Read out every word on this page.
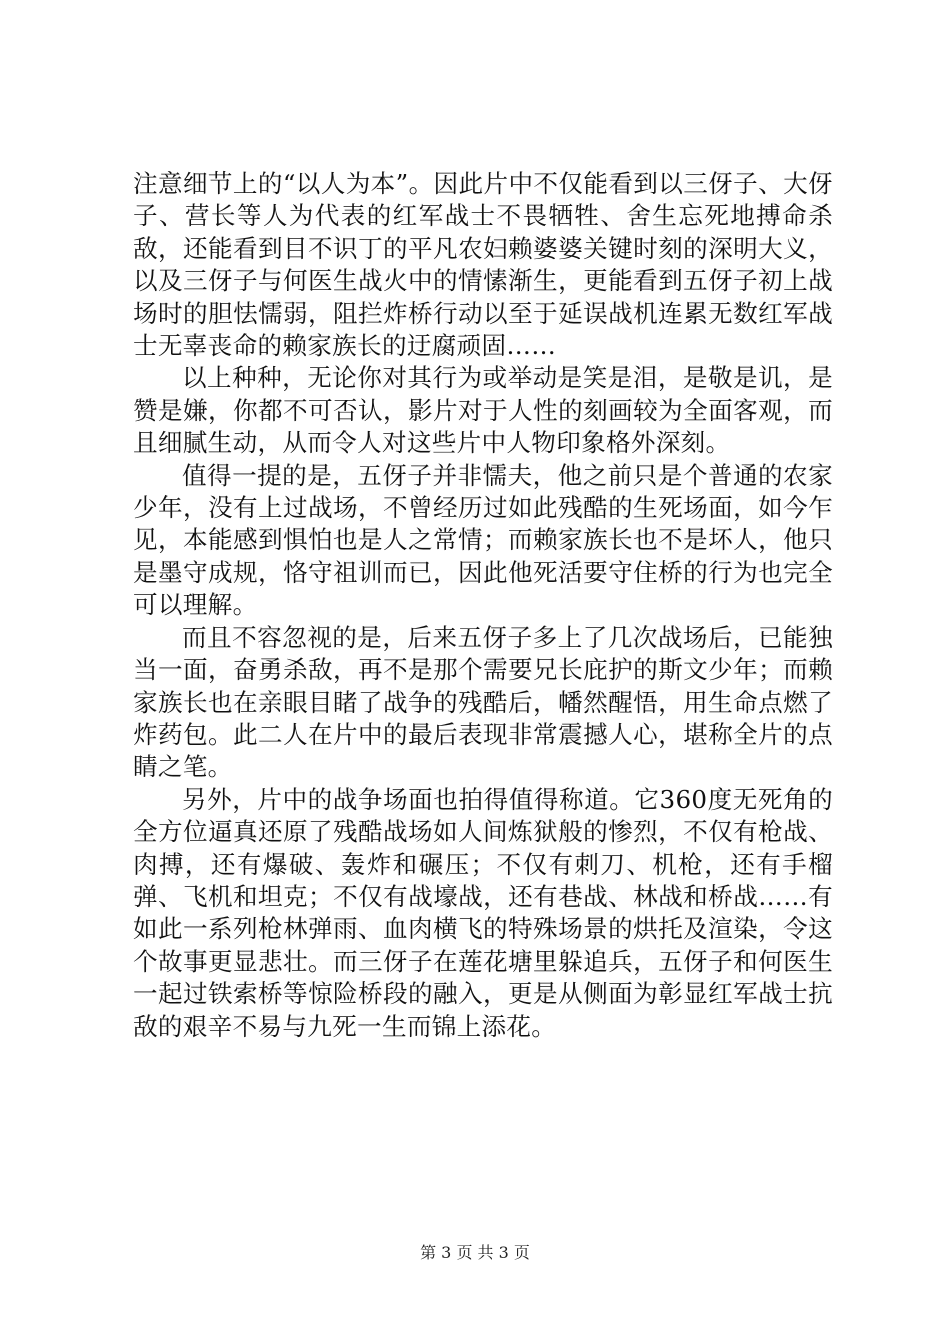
注意细节上的“以人为本”。因此片中不仅能看到以三伢子、大伢子、营长等人为代表的红军战士不畏牺牲、舍生忘死地搏命杀敌，还能看到目不识丁的平凡农妇赖婆婆关键时刻的深明大义，以及三伢子与何医生战火中的情愫渐生，更能看到五伢子初上战场时的胆怯懦弱，阻拦炸桥行动以至于延误战机连累无数红军战士无辜丧命的赖家族长的迂腐顽固……

以上种种，无论你对其行为或举动是笑是泪，是敬是讥，是赞是嫌，你都不可否认，影片对于人性的刻画较为全面客观，而且细腻生动，从而令人对这些片中人物印象格外深刻。

值得一提的是，五伢子并非懦夫，他之前只是个普通的农家少年，没有上过战场，不曾经历过如此残酷的生死场面，如今乍见，本能感到惧怕也是人之常情；而赖家族长也不是坏人，他只是墨守成规，恪守祖训而已，因此他死活要守住桥的行为也完全可以理解。

而且不容忽视的是，后来五伢子多上了几次战场后，已能独当一面，奋勇杀敌，再不是那个需要兄长庇护的斯文少年；而赖家族长也在亲眼目睹了战争的残酷后，幡然醒悟，用生命点燃了炸药包。此二人在片中的最后表现非常震撼人心，堪称全片的点睛之笔。

另外，片中的战争场面也拍得值得称道。它360度无死角的全方位逼真还原了残酷战场如人间炼狱般的惨烈，不仅有枪战、肉搏，还有爆破、轰炸和碾压；不仅有刺刀、机枪，还有手榴弹、飞机和坦克；不仅有战壕战，还有巷战、林战和桥战……有如此一系列枪林弹雨、血肉横飞的特殊场景的烘托及渲染，令这个故事更显悲壮。而三伢子在莲花塘里躲追兵，五伢子和何医生一起过铁索桥等惊险桥段的融入，更是从侧面为彰显红军战士抗敌的艰辛不易与九死一生而锦上添花。

第 3 页 共 3 页
